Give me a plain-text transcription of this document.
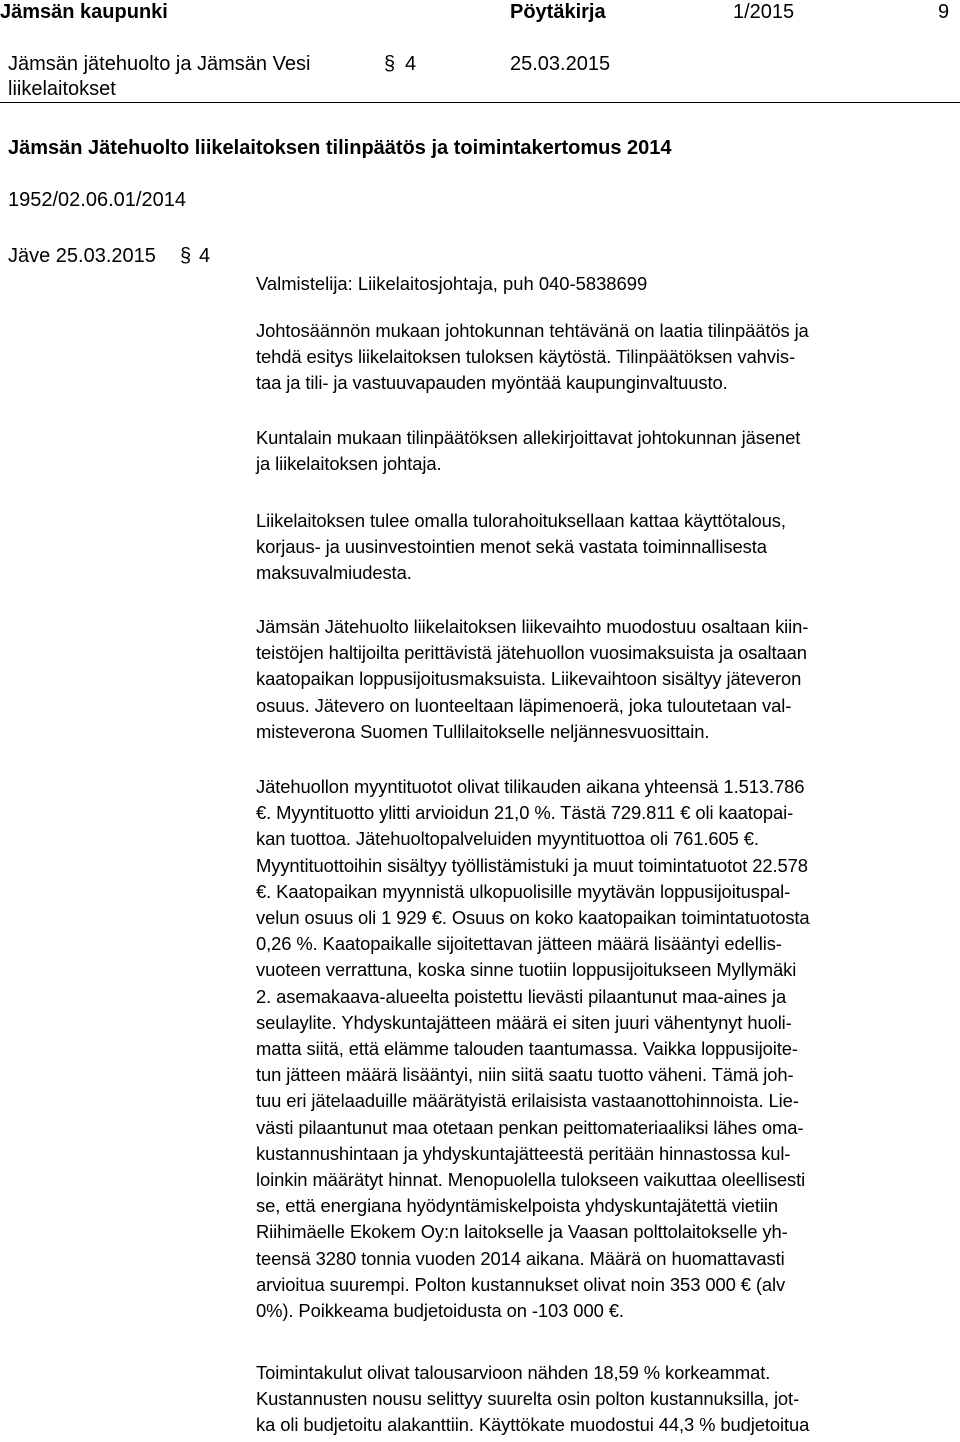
Jämsän kaupunki	Pöytäkirja	1/2015	9
Jämsän jätehuolto ja Jämsän Vesi
liikelaitokset
§ 4	25.03.2015
Jämsän Jätehuolto liikelaitoksen tilinpäätös ja toimintakertomus 2014
1952/02.06.01/2014
Jäve 25.03.2015 § 4
Valmistelija: Liikelaitosjohtaja, puh 040-5838699
Johtosäännön mukaan johtokunnan tehtävänä on laatia tilinpäätös ja
tehdä esitys liikelaitoksen tuloksen käytöstä. Tilinpäätöksen vahvis-
taa ja tili- ja vastuuvapauden myöntää kaupunginvaltuusto.
Kuntalain mukaan tilinpäätöksen allekirjoittavat johtokunnan jäsenet
ja liikelaitoksen johtaja.
Liikelaitoksen tulee omalla tulorahoituksellaan kattaa käyttötalous,
korjaus- ja uusinvestointien menot sekä vastata toiminnallisesta
maksuvalmiudesta.
Jämsän Jätehuolto liikelaitoksen liikevaihto muodostuu osaltaan kiin-
teistöjen haltijoilta perittävistä jätehuollon vuosimaksuista ja osaltaan
kaatopaikan loppusijoitusmaksuista. Liikevaihtoon sisältyy jäteveron
osuus. Jätevero on luonteeltaan läpimenoerä, joka tuloutetaan val-
misteverona Suomen Tullilaitokselle neljännesvuosittain.
Jätehuollon myyntituotot olivat tilikauden aikana yhteensä 1.513.786
€. Myyntituotto ylitti arvioidun 21,0 %. Tästä 729.811 € oli kaatopai-
kan tuottoa. Jätehuoltopalveluiden myyntituottoa oli 761.605 €.
Myyntituottoihin sisältyy työllistämistuki ja muut toimintatuotot 22.578
€. Kaatopaikan myynnistä ulkopuolisille myytävän loppusijoituspal-
velun osuus oli 1 929 €. Osuus on koko kaatopaikan toimintatuotosta
0,26 %. Kaatopaikalle sijoitettavan jätteen määrä lisääntyi edellis-
vuoteen verrattuna, koska sinne tuotiin loppusijoitukseen Myllymäki
2. asemakaava-alueelta poistettu lievästi pilaantunut maa-aines ja
seulaylite. Yhdyskuntajätteen määrä ei siten juuri vähentynyt huoli-
matta siitä, että elämme talouden taantumassa. Vaikka loppusijoite-
tun jätteen määrä lisääntyi, niin siitä saatu tuotto väheni. Tämä joh-
tuu eri jätelaaduille määrätyistä erilaisista vastaanottohinnoista. Lie-
västi pilaantunut maa otetaan penkan peittomateriaaliksi lähes oma-
kustannushintaan ja yhdyskuntajätteestä peritään hinnastossa kul-
loinkin määrätyt hinnat. Menopuolella tulokseen vaikuttaa oleellisesti
se, että energiana hyödyntämiskelpoista yhdyskuntajätettä vietiin
Riihimäelle Ekokem Oy:n laitokselle ja Vaasan polttolaitokselle yh-
teensä 3280 tonnia vuoden 2014 aikana. Määrä on huomattavasti
arvioitua suurempi. Polton kustannukset olivat noin 353 000 € (alv
0%). Poikkeama budjetoidusta on -103 000 €.
Toimintakulut olivat talousarvioon nähden 18,59 % korkeammat.
Kustannusten nousu selittyy suurelta osin polton kustannuksilla, jot-
ka oli budjetoitu alakanttiin. Käyttökate muodostui 44,3 % budjetoitua
